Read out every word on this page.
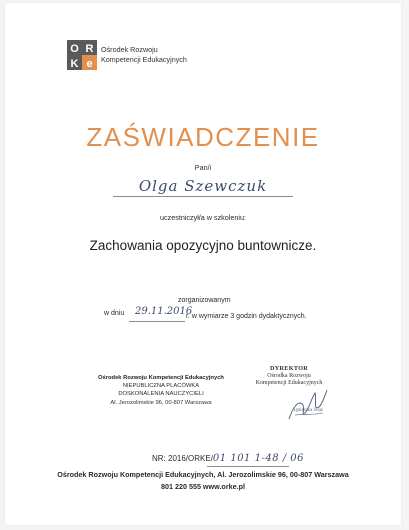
O R
K e
Ośrodek Rozwoju
Kompetencji Edukacyjnych
ZAŚWIADCZENIE
Pan/i
Olga Szewczuk
uczestniczył/a w szkoleniu:
Zachowania opozycyjno buntownicze.
zorganizowanym
w dniu 29.11.2016
r. w wymiarze 3 godzin dydaktycznych.
Ośrodek Rozwoju Kompetencji Edukacyjnych
NIEPUBLICZNA PLACÓWKA
DOSKONALENIA NAUCZYCIELI
Al. Jerozolimskie 96, 00-807 Warszawa
DYREKTOR
Ośrodka Rozwoju
Kompetencji Edukacyjnych
Agnieszka Staje
NR: 2016/ORKE/01 101 1-48 / 06
Ośrodek Rozwoju Kompetencji Edukacyjnych, Al. Jerozolimskie 96, 00-807 Warszawa
801 220 555 www.orke.pl
